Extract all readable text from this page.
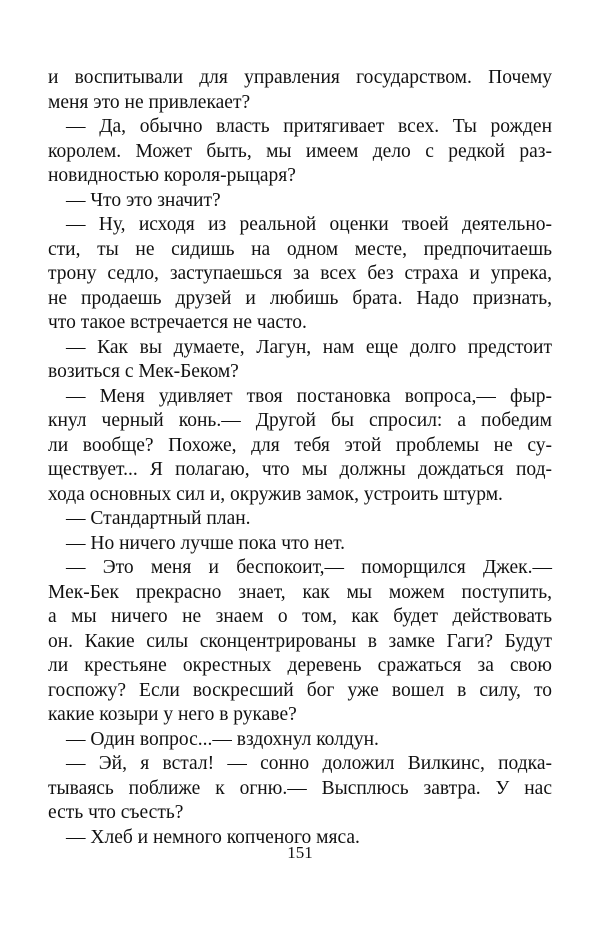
и воспитывали для управления государством. Почему
меня это не привлекает?
— Да, обычно власть притягивает всех. Ты рожден
королем. Может быть, мы имеем дело с редкой раз-
новидностью короля-рыцаря?
— Что это значит?
— Ну, исходя из реальной оценки твоей деятельно-
сти, ты не сидишь на одном месте, предпочитаешь
трону седло, заступаешься за всех без страха и упрека,
не продаешь друзей и любишь брата. Надо признать,
что такое встречается не часто.
— Как вы думаете, Лагун, нам еще долго предстоит
возиться с Мек-Беком?
— Меня удивляет твоя постановка вопроса,— фыр-
кнул черный конь.— Другой бы спросил: а победим
ли вообще? Похоже, для тебя этой проблемы не су-
ществует... Я полагаю, что мы должны дождаться под-
хода основных сил и, окружив замок, устроить штурм.
— Стандартный план.
— Но ничего лучше пока что нет.
— Это меня и беспокоит,— поморщился Джек.—
Мек-Бек прекрасно знает, как мы можем поступить,
а мы ничего не знаем о том, как будет действовать
он. Какие силы сконцентрированы в замке Гаги? Будут
ли крестьяне окрестных деревень сражаться за свою
госпожу? Если воскресший бог уже вошел в силу, то
какие козыри у него в рукаве?
— Один вопрос...— вздохнул колдун.
— Эй, я встал! — сонно доложил Вилкинс, подка-
тываясь поближе к огню.— Высплюсь завтра. У нас
есть что съесть?
— Хлеб и немного копченого мяса.
151
